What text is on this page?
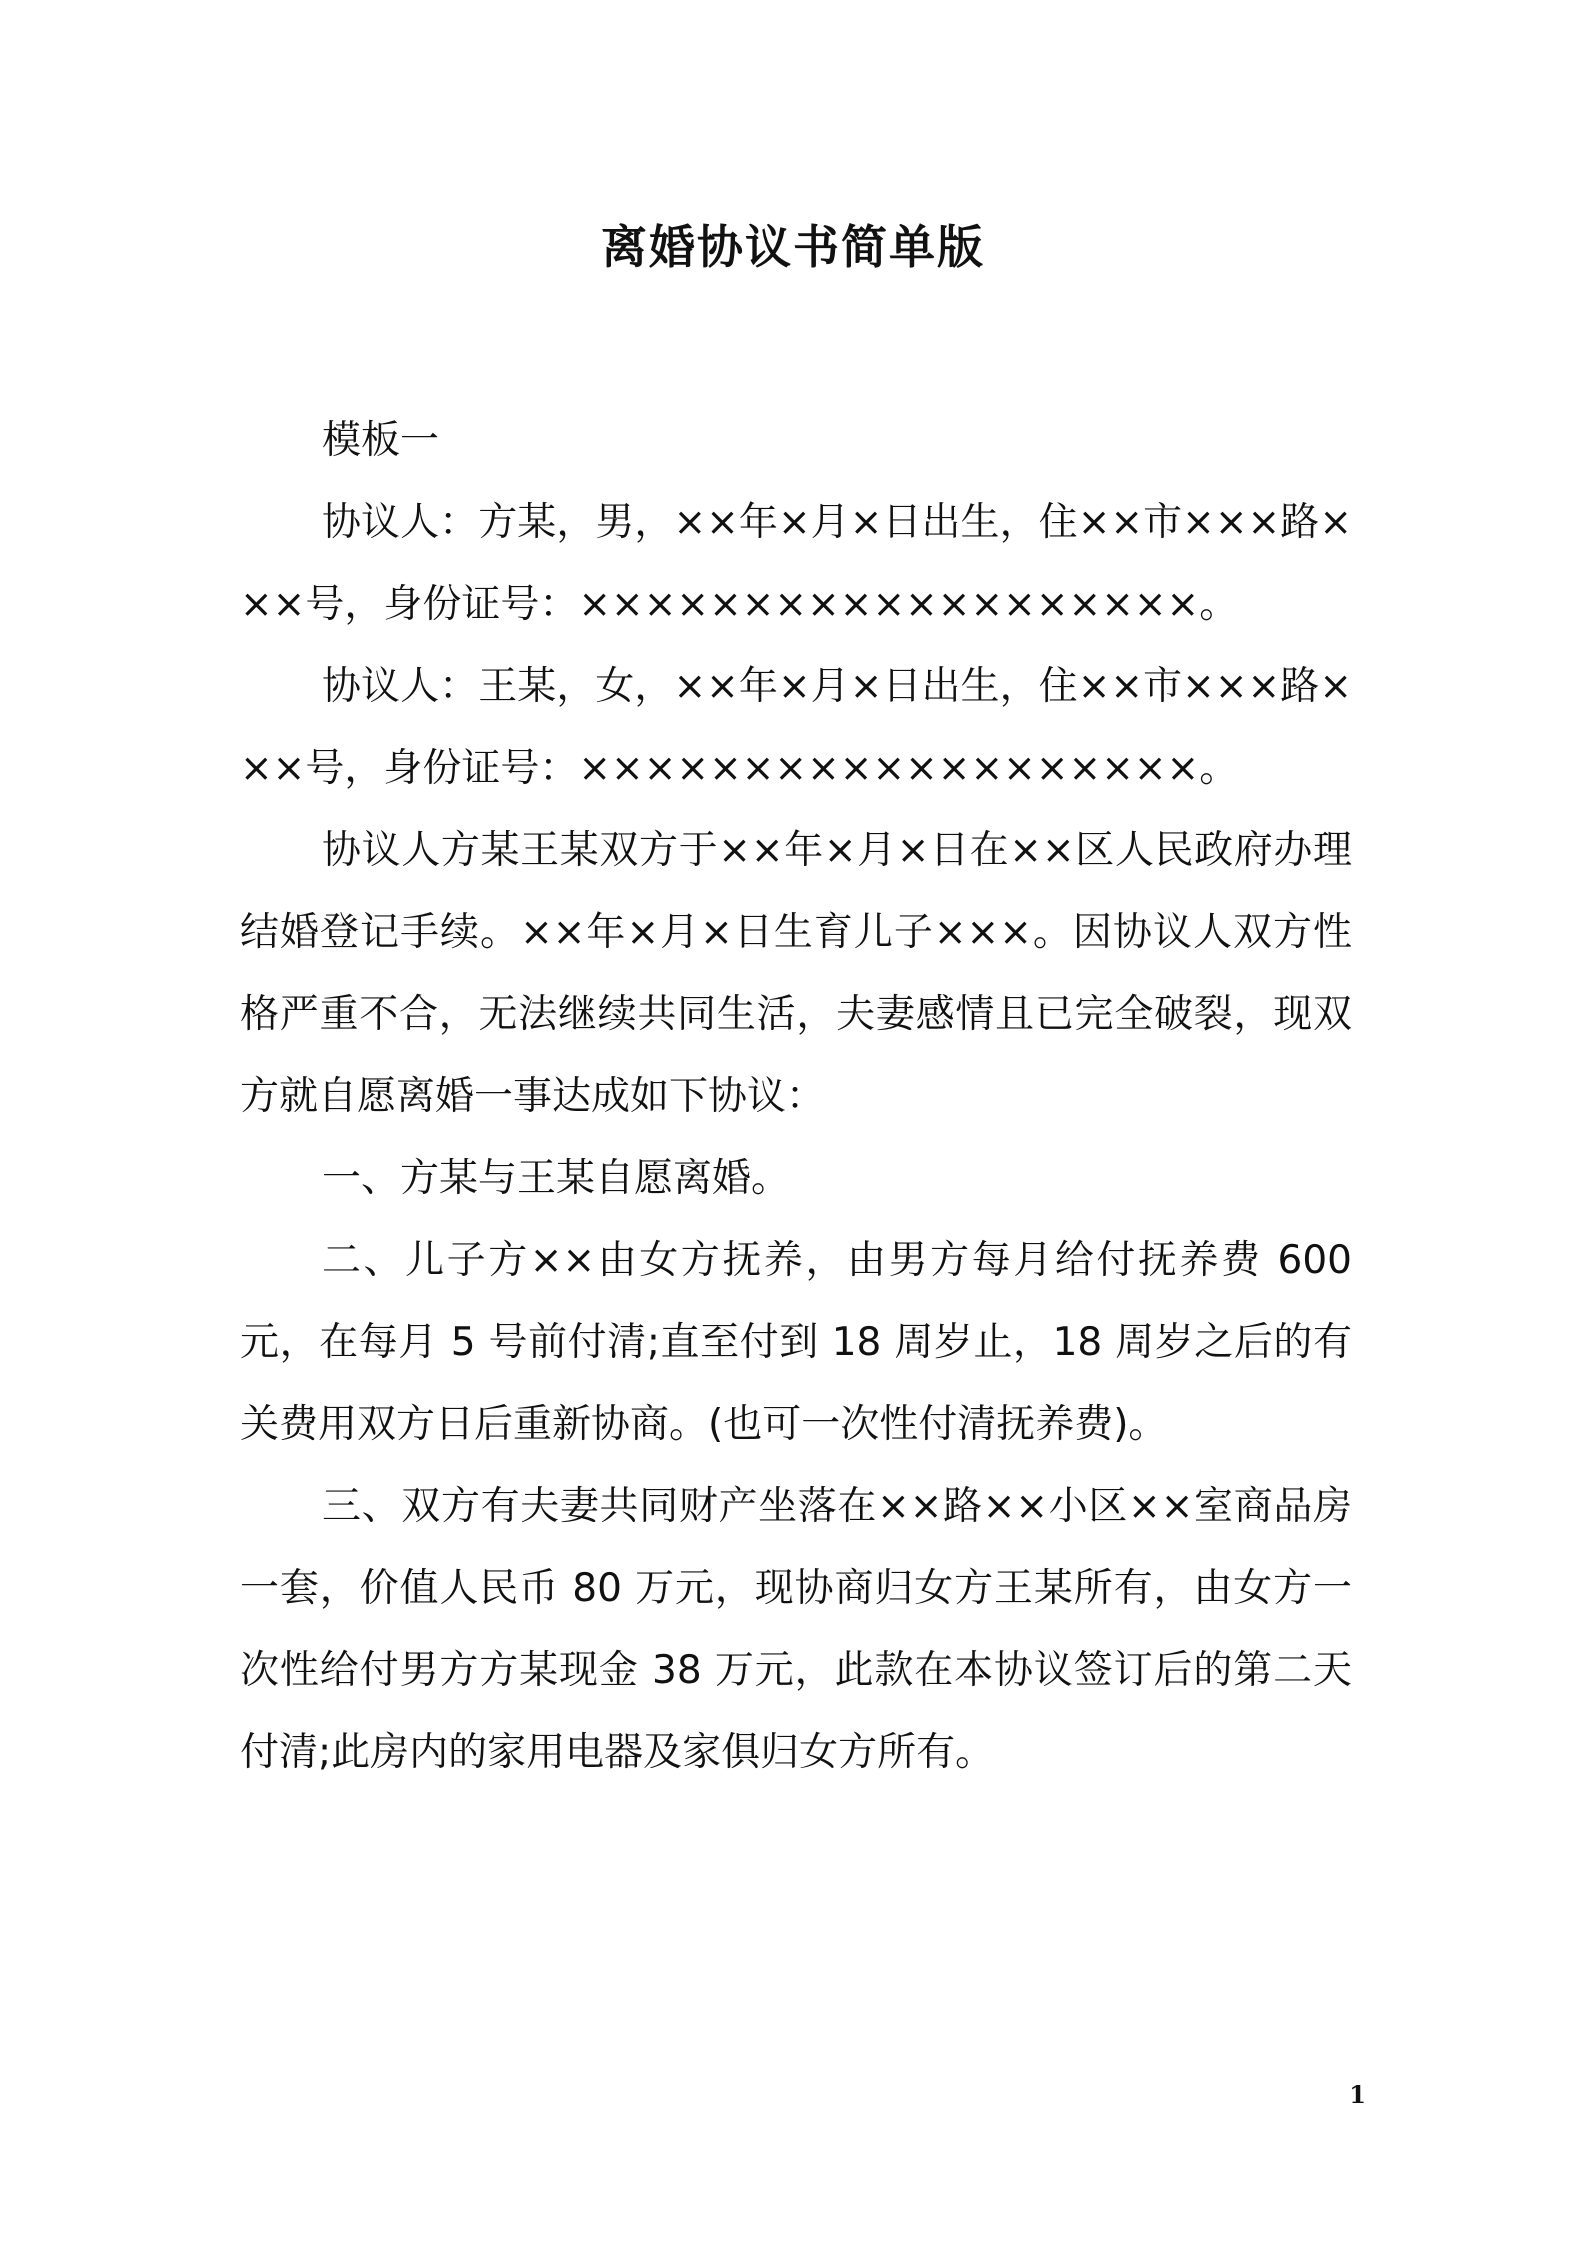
离婚协议书简单版

模板一

协议人：方某，男，××年×月×日出生，住××市×××路×××号，身份证号：×××××××××××××××××××。

协议人：王某，女，××年×月×日出生，住××市×××路×××号，身份证号：×××××××××××××××××××。

协议人方某王某双方于××年×月×日在××区人民政府办理结婚登记手续。××年×月×日生育儿子×××。因协议人双方性格严重不合，无法继续共同生活，夫妻感情且已完全破裂，现双方就自愿离婚一事达成如下协议：

一、方某与王某自愿离婚。

二、儿子方××由女方抚养，由男方每月给付抚养费 600 元，在每月 5 号前付清;直至付到 18 周岁止，18 周岁之后的有关费用双方日后重新协商。(也可一次性付清抚养费)。

三、双方有夫妻共同财产坐落在××路××小区××室商品房一套，价值人民币 80 万元，现协商归女方王某所有，由女方一次性给付男方方某现金 38 万元，此款在本协议签订后的第二天付清;此房内的家用电器及家俱归女方所有。

1
